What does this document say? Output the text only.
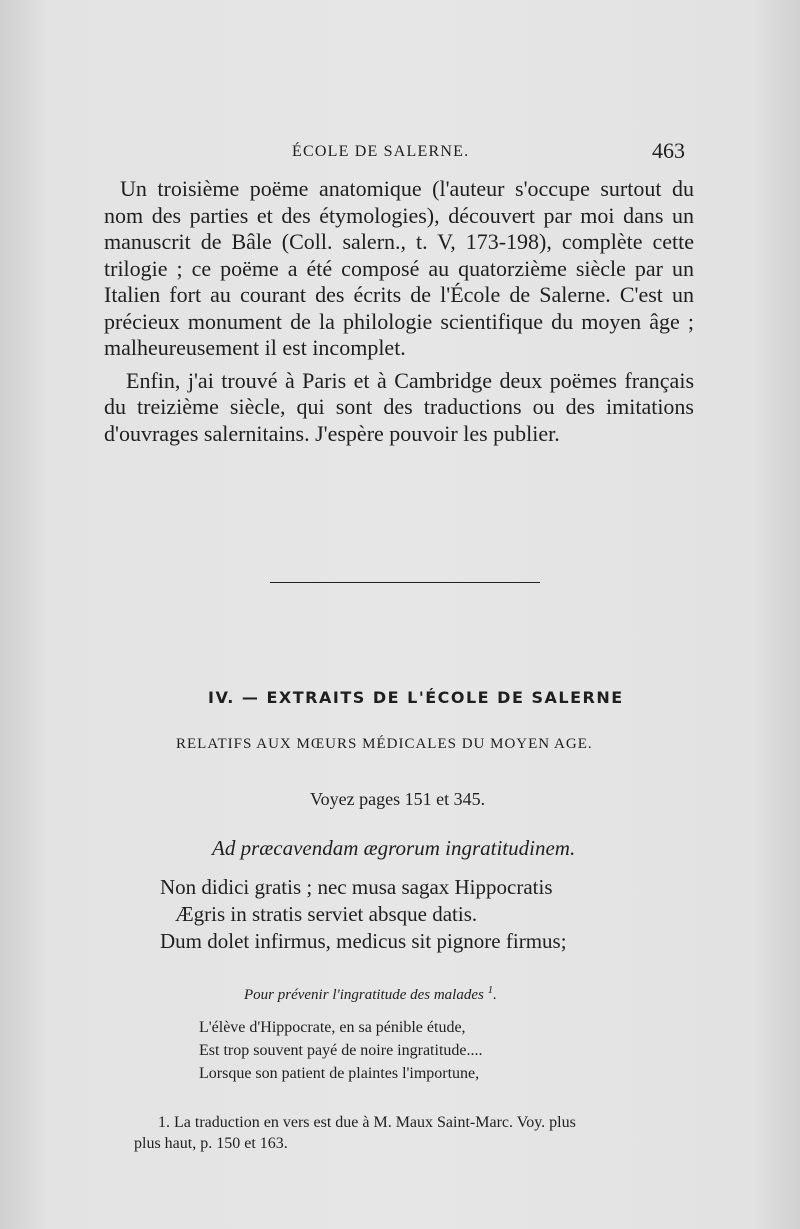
ÉCOLE DE SALERNE.	463

Un troisième poëme anatomique (l'auteur s'occupe surtout du nom des parties et des étymologies), découvert par moi dans un manuscrit de Bâle (Coll. salern., t. V, 173-198), complète cette trilogie ; ce poëme a été composé au quatorzième siècle par un Italien fort au courant des écrits de l'École de Salerne. C'est un précieux monument de la philologie scientifique du moyen âge ; malheureusement il est incomplet.

Enfin, j'ai trouvé à Paris et à Cambridge deux poëmes français du treizième siècle, qui sont des traductions ou des imitations d'ouvrages salernitains. J'espère pouvoir les publier.

IV. — EXTRAITS DE L'ÉCOLE DE SALERNE
RELATIFS AUX MŒURS MÉDICALES DU MOYEN AGE.
Voyez pages 151 et 345.
Ad præcavendam ægrorum ingratitudinem.
Non didici gratis ; nec musa sagax Hippocratis
Ægris in stratis serviet absque datis.
Dum dolet infirmus, medicus sit pignore firmus;
Pour prévenir l'ingratitude des malades $^1$.
L'élève d'Hippocrate, en sa pénible étude,
Est trop souvent payé de noire ingratitude....
Lorsque son patient de plaintes l'importune,
1. La traduction en vers est due à M. Maux Saint-Marc. Voy. plus
plus haut, p. 150 et 163.
